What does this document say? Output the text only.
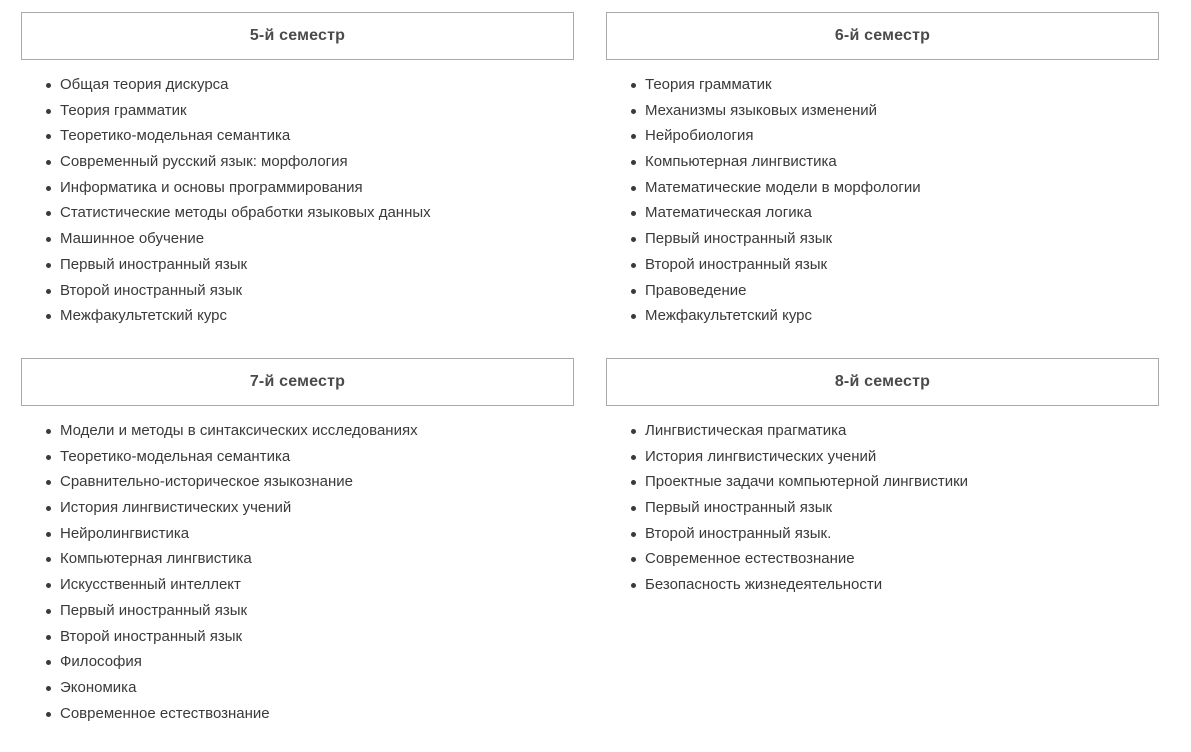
5-й семестр
Общая теория дискурса
Теория грамматик
Теоретико-модельная семантика
Современный русский язык: морфология
Информатика и основы программирования
Статистические методы обработки языковых данных
Машинное обучение
Первый иностранный язык
Второй иностранный язык
Межфакультетский курс
6-й семестр
Теория грамматик
Механизмы языковых изменений
Нейробиология
Компьютерная лингвистика
Математические модели в морфологии
Математическая логика
Первый иностранный язык
Второй иностранный язык
Правоведение
Межфакультетский курс
7-й семестр
Модели и методы в синтаксических исследованиях
Теоретико-модельная семантика
Сравнительно-историческое языкознание
История лингвистических учений
Нейролингвистика
Компьютерная лингвистика
Искусственный интеллект
Первый иностранный язык
Второй иностранный язык
Философия
Экономика
Современное естествознание
8-й семестр
Лингвистическая прагматика
История лингвистических учений
Проектные задачи компьютерной лингвистики
Первый иностранный язык
Второй иностранный язык.
Современное естествознание
Безопасность жизнедеятельности
